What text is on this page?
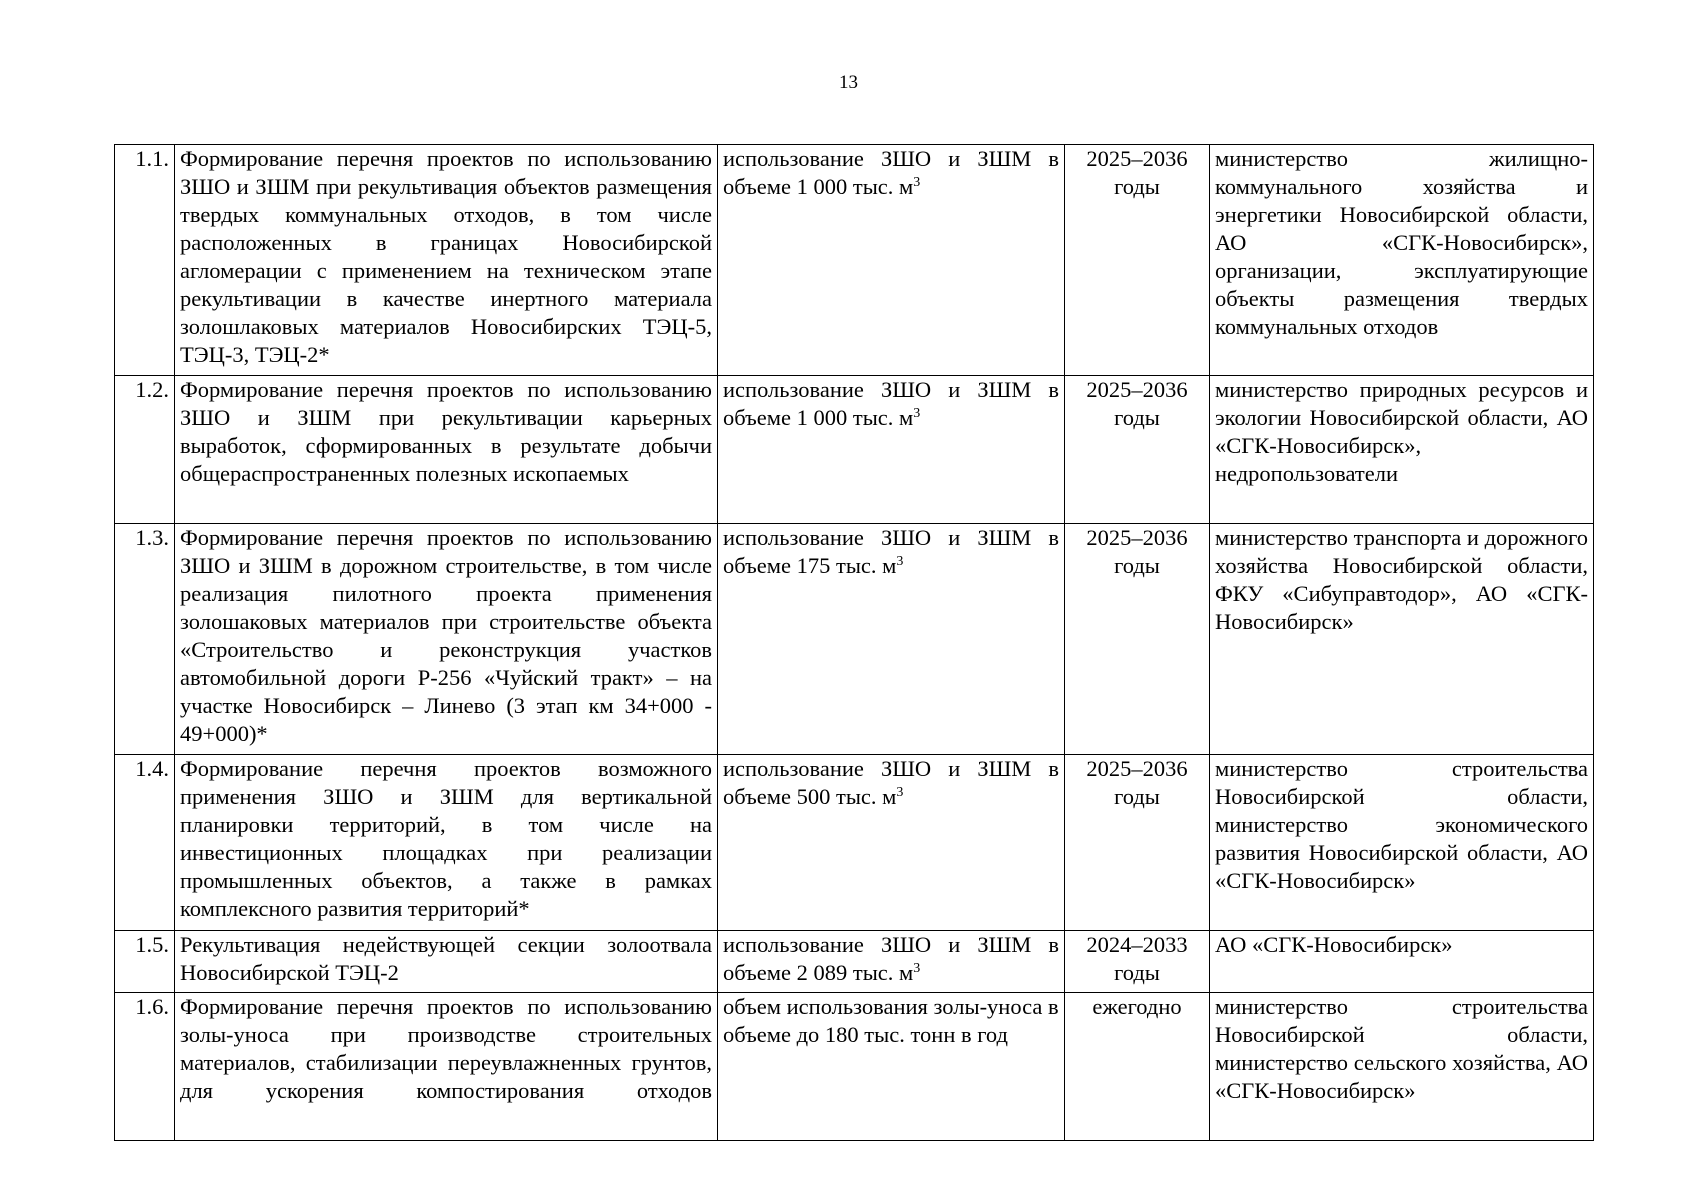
13
1.1.	Формирование перечня проектов по использованию ЗШО и ЗШМ при рекультивация объектов размещения твердых коммунальных отходов, в том числе расположенных в границах Новосибирской агломерации с применением на техническом этапе рекультивации в качестве инертного материала золошлаковых материалов Новосибирских ТЭЦ-5, ТЭЦ-3, ТЭЦ-2*	использование ЗШО и ЗШМ в объеме 1 000 тыс. $м^3$	2025–2036 годы	министерство жилищно-коммунального хозяйства и энергетики Новосибирской области, АО «СГК-Новосибирск», организации, эксплуатирующие объекты размещения твердых коммунальных отходов
1.2.	Формирование перечня проектов по использованию ЗШО и ЗШМ при рекультивации карьерных выработок, сформированных в результате добычи общераспространенных полезных ископаемых	использование ЗШО и ЗШМ в объеме 1 000 тыс. $м^3$	2025–2036 годы	министерство природных ресурсов и экологии Новосибирской области, АО «СГК-Новосибирск», недропользователи
1.3.	Формирование перечня проектов по использованию ЗШО и ЗШМ в дорожном строительстве, в том числе реализация пилотного проекта применения золошаковых материалов при строительстве объекта «Строительство и реконструкция участков автомобильной дороги Р-256 «Чуйский тракт» – на участке Новосибирск – Линево (3 этап км 34+000 - 49+000)*	использование ЗШО и ЗШМ в объеме 175 тыс. $м^3$	2025–2036 годы	министерство транспорта и дорожного хозяйства Новосибирской области, ФКУ «Сибуправтодор», АО «СГК-Новосибирск»
1.4.	Формирование перечня проектов возможного применения ЗШО и ЗШМ для вертикальной планировки территорий, в том числе на инвестиционных площадках при реализации промышленных объектов, а также в рамках комплексного развития территорий*	использование ЗШО и ЗШМ в объеме 500 тыс. $м^3$	2025–2036 годы	министерство строительства Новосибирской области, министерство экономического развития Новосибирской области, АО «СГК-Новосибирск»
1.5.	Рекультивация недействующей секции золоотвала Новосибирской ТЭЦ-2	использование ЗШО и ЗШМ в объеме 2 089 тыс. $м^3$	2024–2033 годы	АО «СГК-Новосибирск»
1.6.	Формирование перечня проектов по использованию золы-уноса при производстве строительных материалов, стабилизации переувлажненных грунтов, для ускорения компостирования отходов	объем использования золы-уноса в объеме до 180 тыс. тонн в год	ежегодно	министерство строительства Новосибирской области, министерство сельского хозяйства, АО «СГК-Новосибирск»
